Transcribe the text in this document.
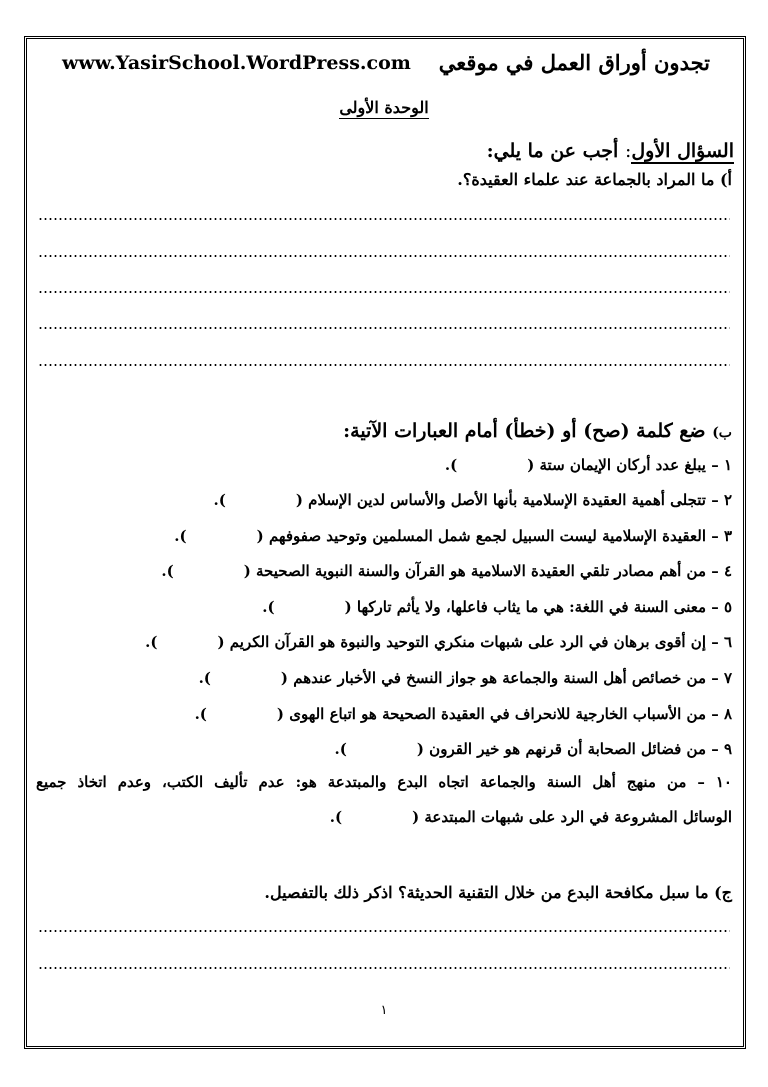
www.YasirSchool.WordPress.com تجدون أوراق العمل في موقعي
الوحدة الأولى
السؤال الأول: أجب عن ما يلي:
أ) ما المراد بالجماعة عند علماء العقيدة؟.
ب) ضع كلمة (صح) أو (خطأ) أمام العبارات الآتية:
١ – يبلغ عدد أركان الإيمان ستة ().
٢ – تتجلى أهمية العقيدة الإسلامية بأنها الأصل والأساس لدين الإسلام ().
٣ – العقيدة الإسلامية ليست السبيل لجمع شمل المسلمين وتوحيد صفوفهم ().
٤ – من أهم مصادر تلقي العقيدة الاسلامية هو القرآن والسنة النبوية الصحيحة ().
٥ – معنى السنة في اللغة: هي ما يثاب فاعلها، ولا يأثم تاركها ().
٦ – إن أقوى برهان في الرد على شبهات منكري التوحيد والنبوة هو القرآن الكريم ().
٧ – من خصائص أهل السنة والجماعة هو جواز النسخ في الأخبار عندهم ().
٨ – من الأسباب الخارجية للانحراف في العقيدة الصحيحة هو اتباع الهوى ().
٩ – من فضائل الصحابة أن قرنهم هو خير القرون ().
١٠ – من منهج أهل السنة والجماعة اتجاه البدع والمبتدعة هو: عدم تأليف الكتب، وعدم اتخاذ جميع
الوسائل المشروعة في الرد على شبهات المبتدعة ().
ج) ما سبل مكافحة البدع من خلال التقنية الحديثة؟ اذكر ذلك بالتفصيل.
١
